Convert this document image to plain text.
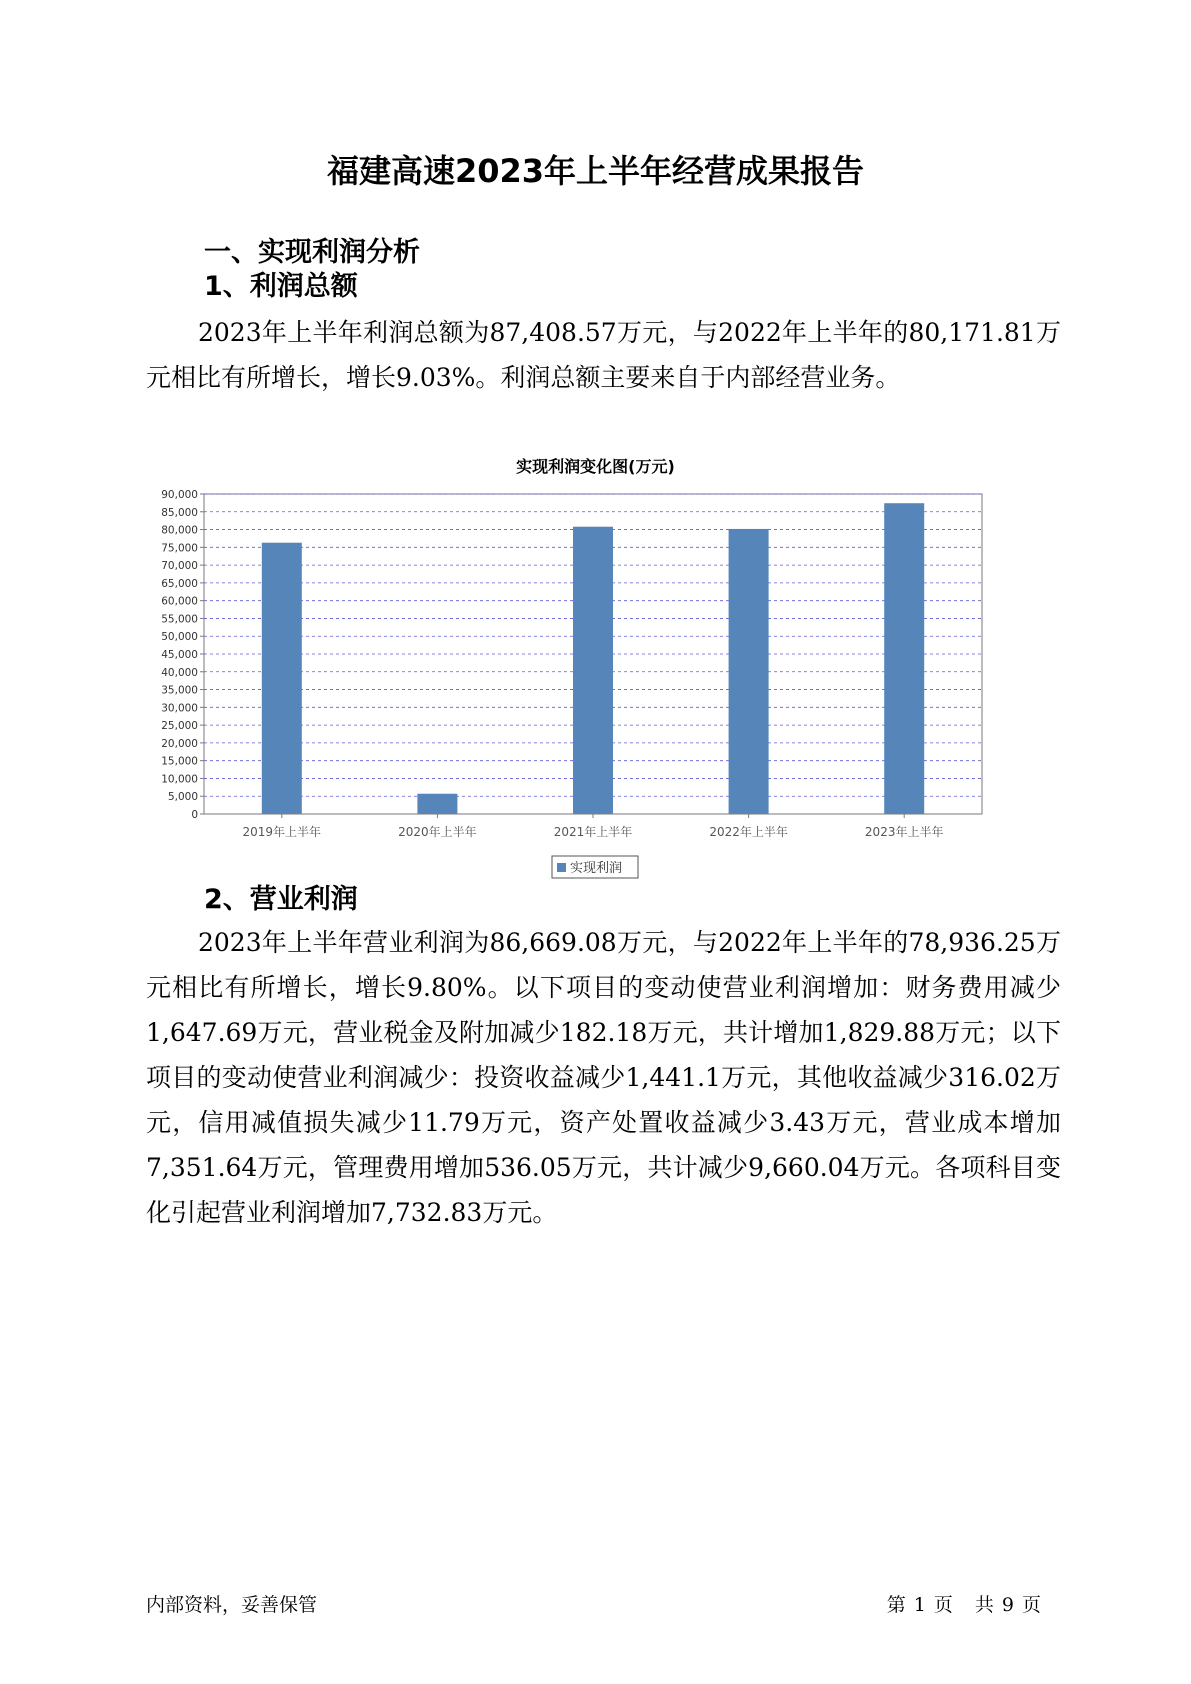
福建高速2023年上半年经营成果报告
一、实现利润分析
1、利润总额

2023年上半年利润总额为87,408.57万元，与2022年上半年的80,171.81万元相比有所增长，增长9.03%。利润总额主要来自于内部经营业务。

实现利润变化图(万元)
0
5,000
10,000
15,000
20,000
25,000
30,000
35,000
40,000
45,000
50,000
55,000
60,000
65,000
70,000
75,000
80,000
85,000
90,000
2019年上半年	2020年上半年	2021年上半年	2022年上半年	2023年上半年
实现利润
2、营业利润

2023年上半年营业利润为86,669.08万元，与2022年上半年的78,936.25万元相比有所增长，增长9.80%。以下项目的变动使营业利润增加：财务费用减少1,647.69万元，营业税金及附加减少182.18万元，共计增加1,829.88万元；以下项目的变动使营业利润减少：投资收益减少1,441.1万元，其他收益减少316.02万元，信用减值损失减少11.79万元，资产处置收益减少3.43万元，营业成本增加7,351.64万元，管理费用增加536.05万元，共计减少9,660.04万元。各项科目变化引起营业利润增加7,732.83万元。

内部资料，妥善保管	第 1 页 共 9 页
